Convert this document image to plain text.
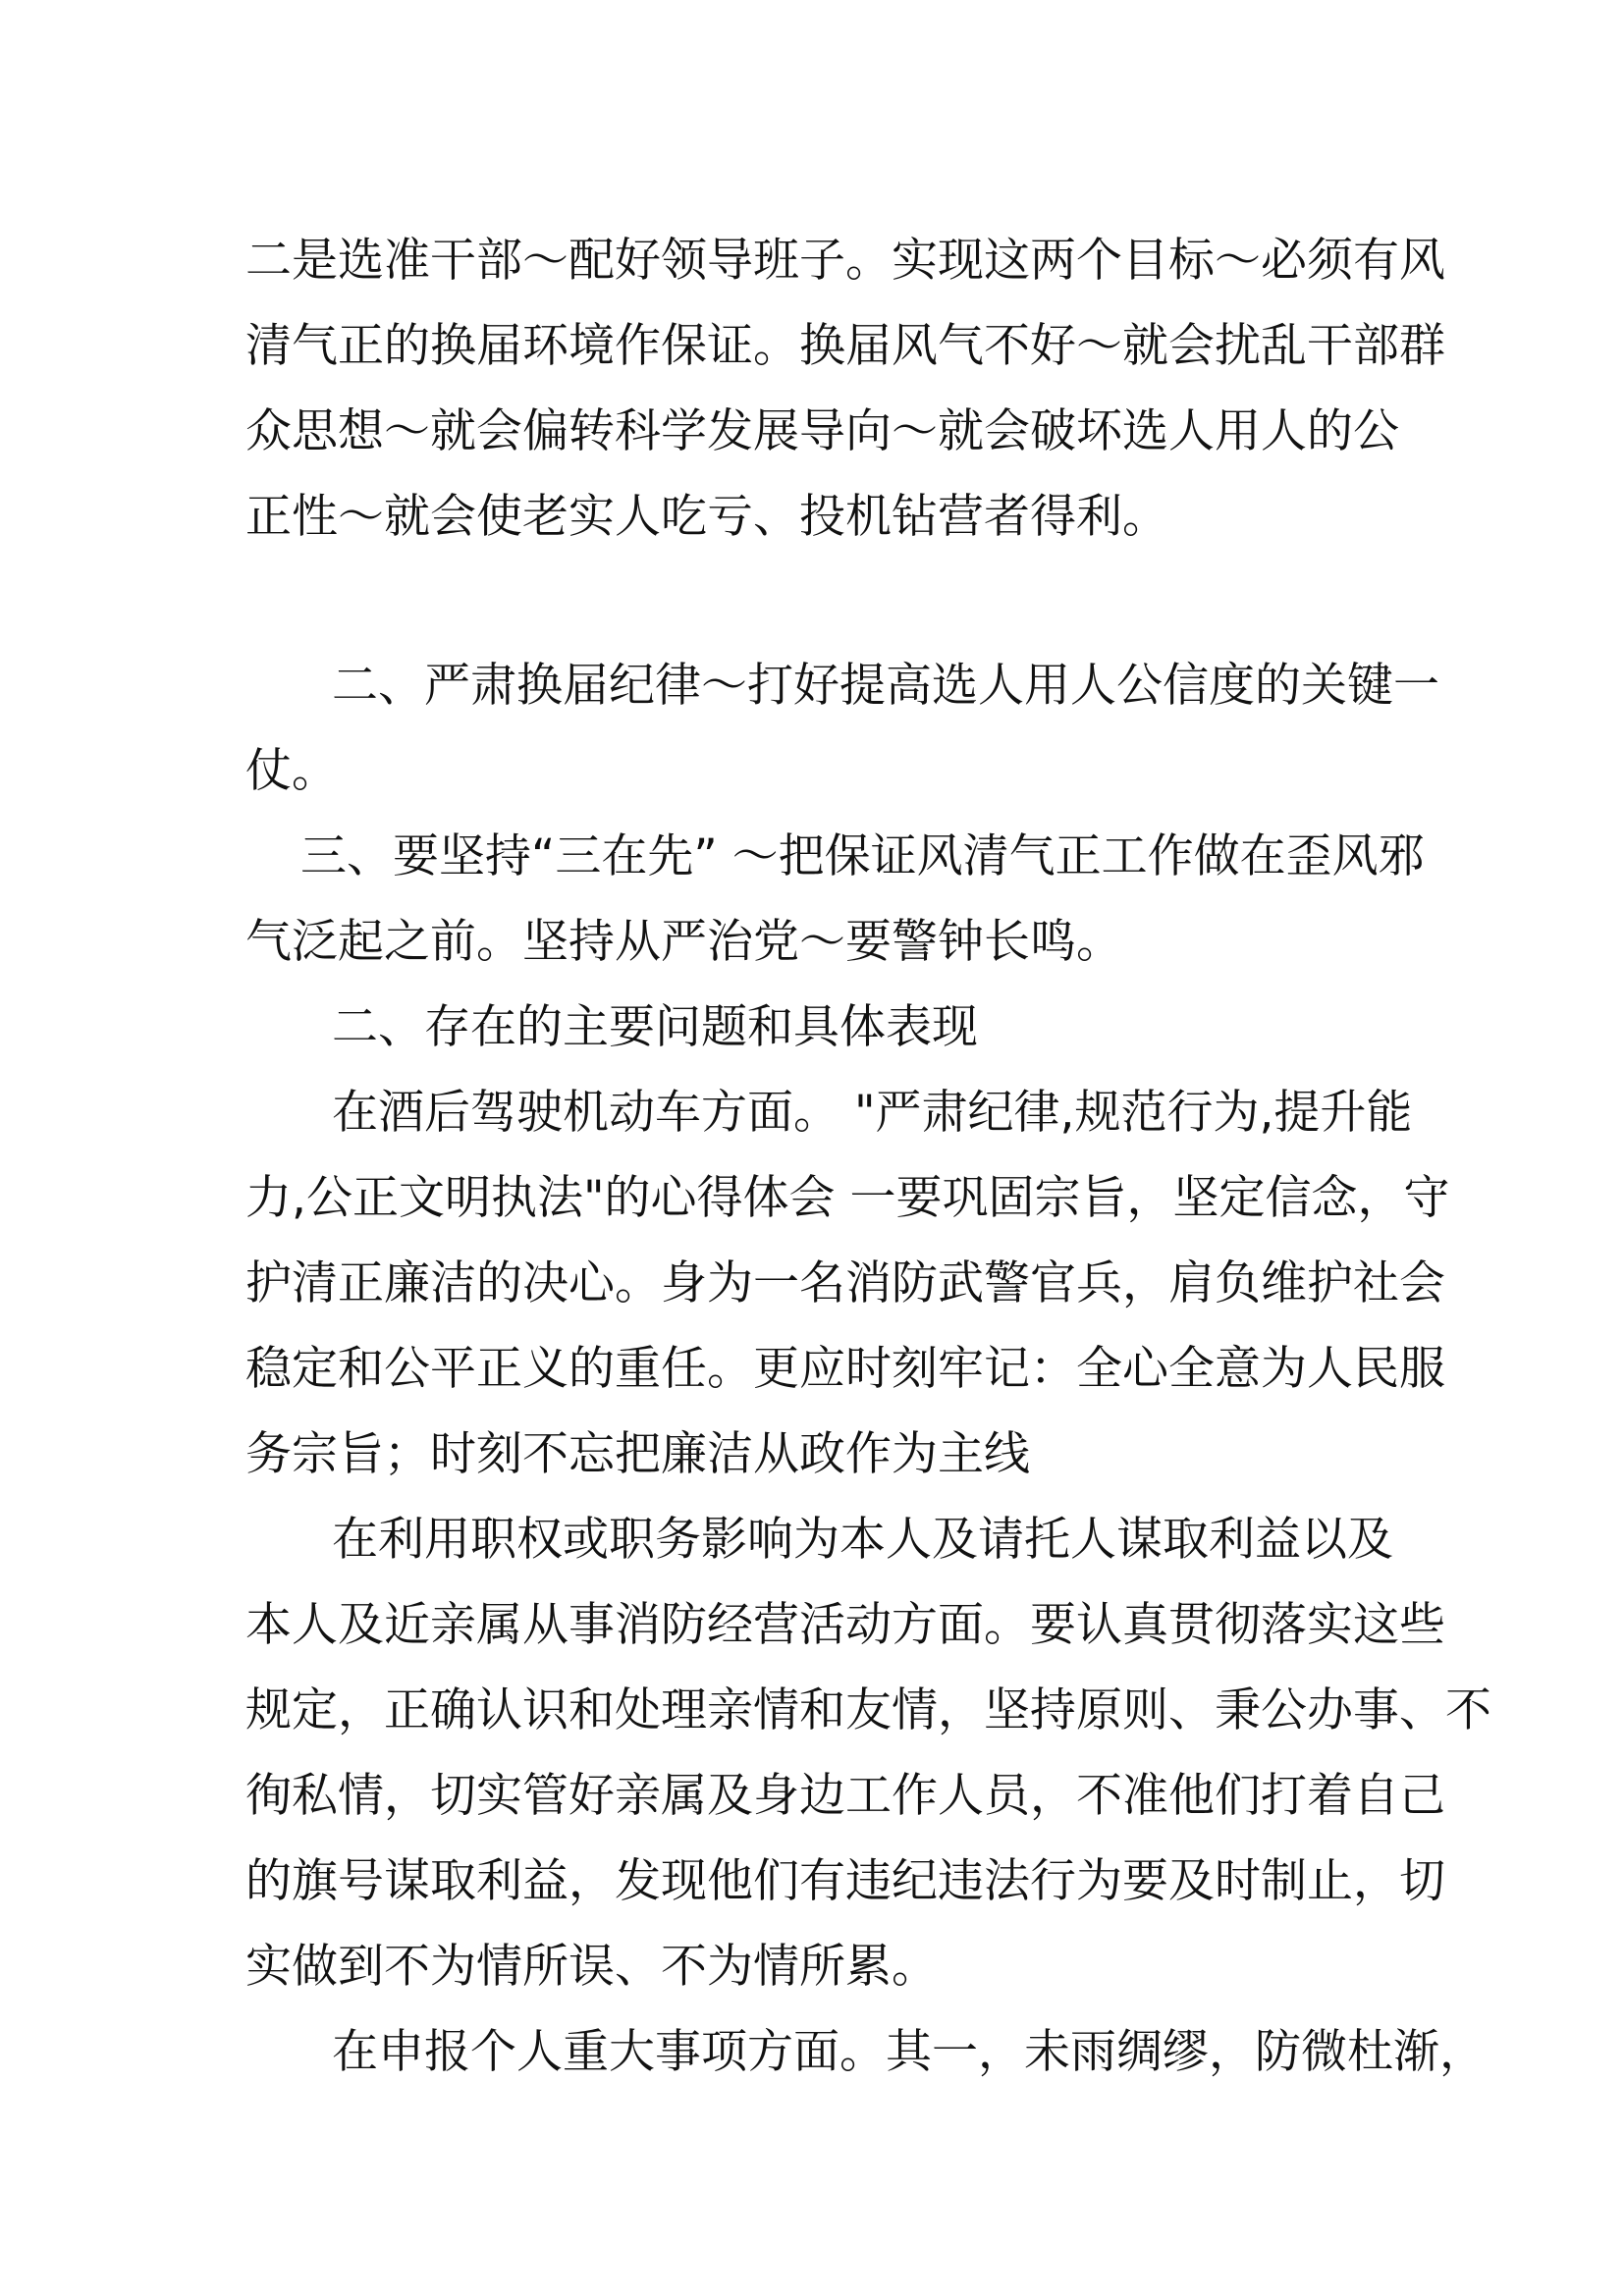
二是选准干部～配好领导班子。实现这两个目标～必须有风
清气正的换届环境作保证。换届风气不好～就会扰乱干部群
众思想～就会偏转科学发展导向～就会破坏选人用人的公
正性～就会使老实人吃亏、投机钻营者得利。
二、严肃换届纪律～打好提高选人用人公信度的关键一
仗。
三、要坚持“三在先” ～把保证风清气正工作做在歪风邪
气泛起之前。坚持从严治党～要警钟长鸣。
二、存在的主要问题和具体表现
在酒后驾驶机动车方面。 "严肃纪律,规范行为,提升能
力,公正文明执法"的心得体会 一要巩固宗旨，坚定信念，守
护清正廉洁的决心。身为一名消防武警官兵，肩负维护社会
稳定和公平正义的重任。更应时刻牢记：全心全意为人民服
务宗旨；时刻不忘把廉洁从政作为主线
在利用职权或职务影响为本人及请托人谋取利益以及
本人及近亲属从事消防经营活动方面。要认真贯彻落实这些
规定，正确认识和处理亲情和友情，坚持原则、秉公办事、不
徇私情，切实管好亲属及身边工作人员，不准他们打着自己
的旗号谋取利益，发现他们有违纪违法行为要及时制止，切
实做到不为情所误、不为情所累。
在申报个人重大事项方面。其一，未雨绸缪，防微杜渐，
